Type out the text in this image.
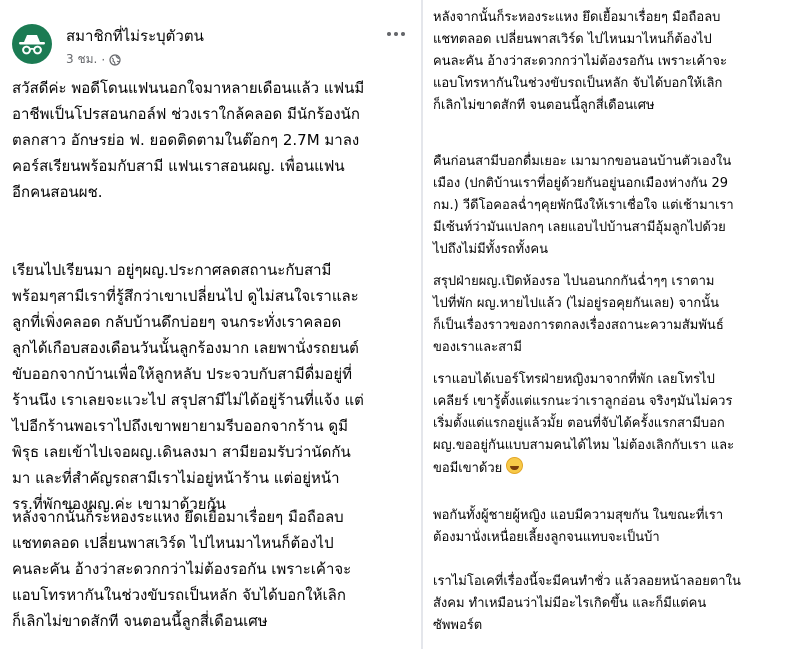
สมาชิกที่ไม่ระบุตัวตน
3 ชม. ·

สวัสดีค่ะ พอดีโดนแฟนนอกใจมาหลายเดือนแล้ว แฟนมี
อาชีพเป็นโปรสอนกอล์ฟ ช่วงเราใกล้คลอด มีนักร้องนัก
ตลกสาว อักษรย่อ ฟ. ยอดติดตามในต๊อกๆ 2.7M มาลง
คอร์สเรียนพร้อมกับสามี แฟนเราสอนผญ. เพื่อนแฟน
อีกคนสอนผช.

เรียนไปเรียนมา อยู่ๆผญ.ประกาศลดสถานะกับสามี
พร้อมๆสามีเราที่รู้สึกว่าเขาเปลี่ยนไป ดูไม่สนใจเราและ
ลูกที่เพิ่งคลอด กลับบ้านดึกบ่อยๆ จนกระทั่งเราคลอด
ลูกได้เกือบสองเดือนวันนั้นลูกร้องมาก เลยพานั่งรถยนต์
ขับออกจากบ้านเพื่อให้ลูกหลับ ประจวบกับสามีดื่มอยู่ที่
ร้านนึง เราเลยจะแวะไป สรุปสามีไม่ได้อยู่ร้านที่แจ้ง แต่
ไปอีกร้านพอเราไปถึงเขาพยายามรีบออกจากร้าน ดูมี
พิรุธ เลยเข้าไปเจอผญ.เดินลงมา สามียอมรับว่านัดกัน
มา และที่สำคัญรถสามีเราไม่อยู่หน้าร้าน แต่อยู่หน้า
รร.ที่พักของผญ.ค่ะ เขามาด้วยกัน

หลังจากนั้นก็ระหองระแหง ยึดเยื้อมาเรื่อยๆ มือถือลบ
แชทตลอด เปลี่ยนพาสเวิร์ด ไปไหนมาไหนก็ต้องไป
คนละคัน อ้างว่าสะดวกกว่าไม่ต้องรอกัน เพราะเค้าจะ
แอบโทรหากันในช่วงขับรถเป็นหลัก จับได้บอกให้เลิก
ก็เลิกไม่ขาดสักที จนตอนนี้ลูกสี่เดือนเศษ

หลังจากนั้นก็ระหองระแหง ยึดเยื้อมาเรื่อยๆ มือถือลบ
แชทตลอด เปลี่ยนพาสเวิร์ด ไปไหนมาไหนก็ต้องไป
คนละคัน อ้างว่าสะดวกกว่าไม่ต้องรอกัน เพราะเค้าจะ
แอบโทรหากันในช่วงขับรถเป็นหลัก จับได้บอกให้เลิก
ก็เลิกไม่ขาดสักที จนตอนนี้ลูกสี่เดือนเศษ

คืนก่อนสามีบอกดื่มเยอะ เมามากขอนอนบ้านตัวเองใน
เมือง (ปกติบ้านเราที่อยู่ด้วยกันอยู่นอกเมืองห่างกัน 29
กม.) วีดีโอคอลฉ่ำๆคุยพักนึงให้เราเชื่อใจ แต่เช้ามาเรา
มีเซ้นท์ว่ามันแปลกๆ เลยแอบไปบ้านสามีอุ้มลูกไปด้วย
ไปถึงไม่มีทั้งรถทั้งคน

สรุปฝ่ายผญ.เปิดห้องรอ ไปนอนกกกันฉ่ำๆๆ เราตาม
ไปที่พัก ผญ.หายไปแล้ว (ไม่อยู่รอคุยกันเลย) จากนั้น
ก็เป็นเรื่องราวของการตกลงเรื่องสถานะความสัมพันธ์
ของเราและสามี

เราแอบได้เบอร์โทรฝ่ายหญิงมาจากที่พัก เลยโทรไป
เคลียร์ เขารู้ตั้งแต่แรกนะว่าเราลูกอ่อน จริงๆมันไม่ควร
เริ่มตั้งแต่แรกอยู่แล้วมั้ย ตอนที่จับได้ครั้งแรกสามีบอก
ผญ.ขออยู่กันแบบสามคนได้ไหม ไม่ต้องเลิกกับเรา และ
ขอมีเขาด้วย

พอกันทั้งผู้ชายผู้หญิง แอบมีความสุขกัน ในขณะที่เรา
ต้องมานั่งเหนื่อยเลี้ยงลูกจนแทบจะเป็นบ้า

เราไม่โอเคที่เรื่องนี้จะมีคนทำชั่ว แล้วลอยหน้าลอยตาใน
สังคม ทำเหมือนว่าไม่มีอะไรเกิดขึ้น และก็มีแต่คน
ซัพพอร์ต
